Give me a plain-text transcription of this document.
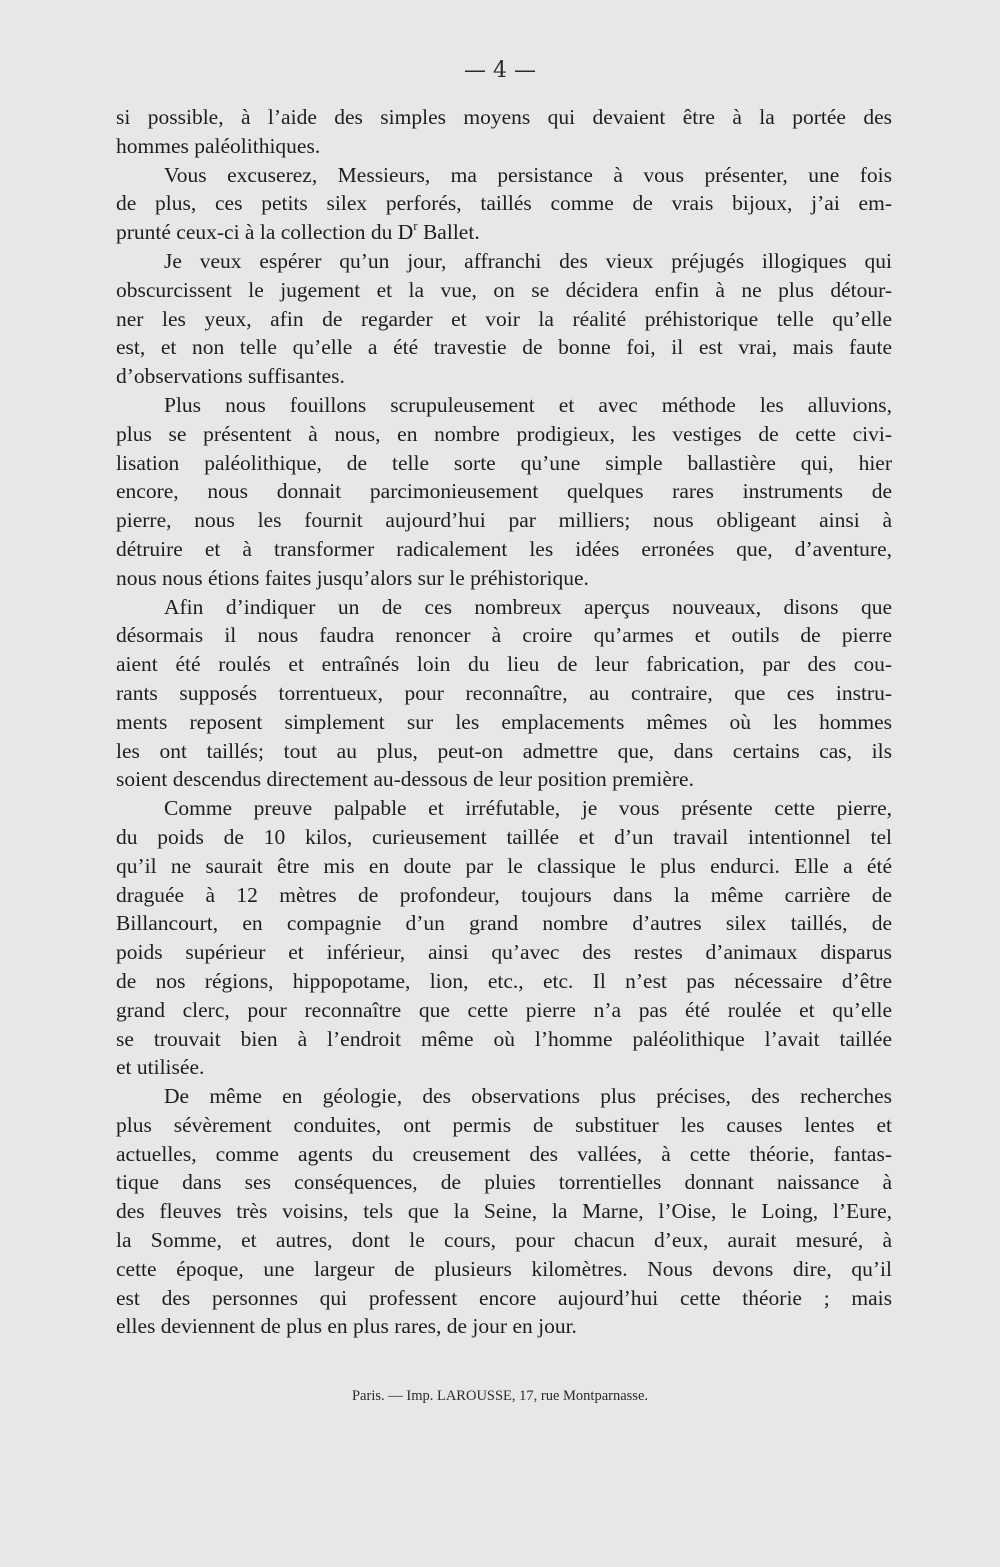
— 4 —
si possible, à l’aide des simples moyens qui devaient être à la portée des
hommes paléolithiques.
Vous excuserez, Messieurs, ma persistance à vous présenter, une fois
de plus, ces petits silex perforés, taillés comme de vrais bijoux, j’ai em-
prunté ceux-ci à la collection du $D^r$ Ballet.
Je veux espérer qu’un jour, affranchi des vieux préjugés illogiques qui
obscurcissent le jugement et la vue, on se décidera enfin à ne plus détour-
ner les yeux, afin de regarder et voir la réalité préhistorique telle qu’elle
est, et non telle qu’elle a été travestie de bonne foi, il est vrai, mais faute
d’observations suffisantes.
Plus nous fouillons scrupuleusement et avec méthode les alluvions,
plus se présentent à nous, en nombre prodigieux, les vestiges de cette civi-
lisation paléolithique, de telle sorte qu’une simple ballastière qui, hier
encore, nous donnait parcimonieusement quelques rares instruments de
pierre, nous les fournit aujourd’hui par milliers; nous obligeant ainsi à
détruire et à transformer radicalement les idées erronées que, d’aventure,
nous nous étions faites jusqu’alors sur le préhistorique.
Afin d’indiquer un de ces nombreux aperçus nouveaux, disons que
désormais il nous faudra renoncer à croire qu’armes et outils de pierre
aient été roulés et entraînés loin du lieu de leur fabrication, par des cou-
rants supposés torrentueux, pour reconnaître, au contraire, que ces instru-
ments reposent simplement sur les emplacements mêmes où les hommes
les ont taillés; tout au plus, peut-on admettre que, dans certains cas, ils
soient descendus directement au-dessous de leur position première.
Comme preuve palpable et irréfutable, je vous présente cette pierre,
du poids de 10 kilos, curieusement taillée et d’un travail intentionnel tel
qu’il ne saurait être mis en doute par le classique le plus endurci. Elle a été
draguée à 12 mètres de profondeur, toujours dans la même carrière de
Billancourt, en compagnie d’un grand nombre d’autres silex taillés, de
poids supérieur et inférieur, ainsi qu’avec des restes d’animaux disparus
de nos régions, hippopotame, lion, etc., etc. Il n’est pas nécessaire d’être
grand clerc, pour reconnaître que cette pierre n’a pas été roulée et qu’elle
se trouvait bien à l’endroit même où l’homme paléolithique l’avait taillée
et utilisée.
De même en géologie, des observations plus précises, des recherches
plus sévèrement conduites, ont permis de substituer les causes lentes et
actuelles, comme agents du creusement des vallées, à cette théorie, fantas-
tique dans ses conséquences, de pluies torrentielles donnant naissance à
des fleuves très voisins, tels que la Seine, la Marne, l’Oise, le Loing, l’Eure,
la Somme, et autres, dont le cours, pour chacun d’eux, aurait mesuré, à
cette époque, une largeur de plusieurs kilomètres. Nous devons dire, qu’il
est des personnes qui professent encore aujourd’hui cette théorie ; mais
elles deviennent de plus en plus rares, de jour en jour.
Paris. — Imp. LAROUSSE, 17, rue Montparnasse.
